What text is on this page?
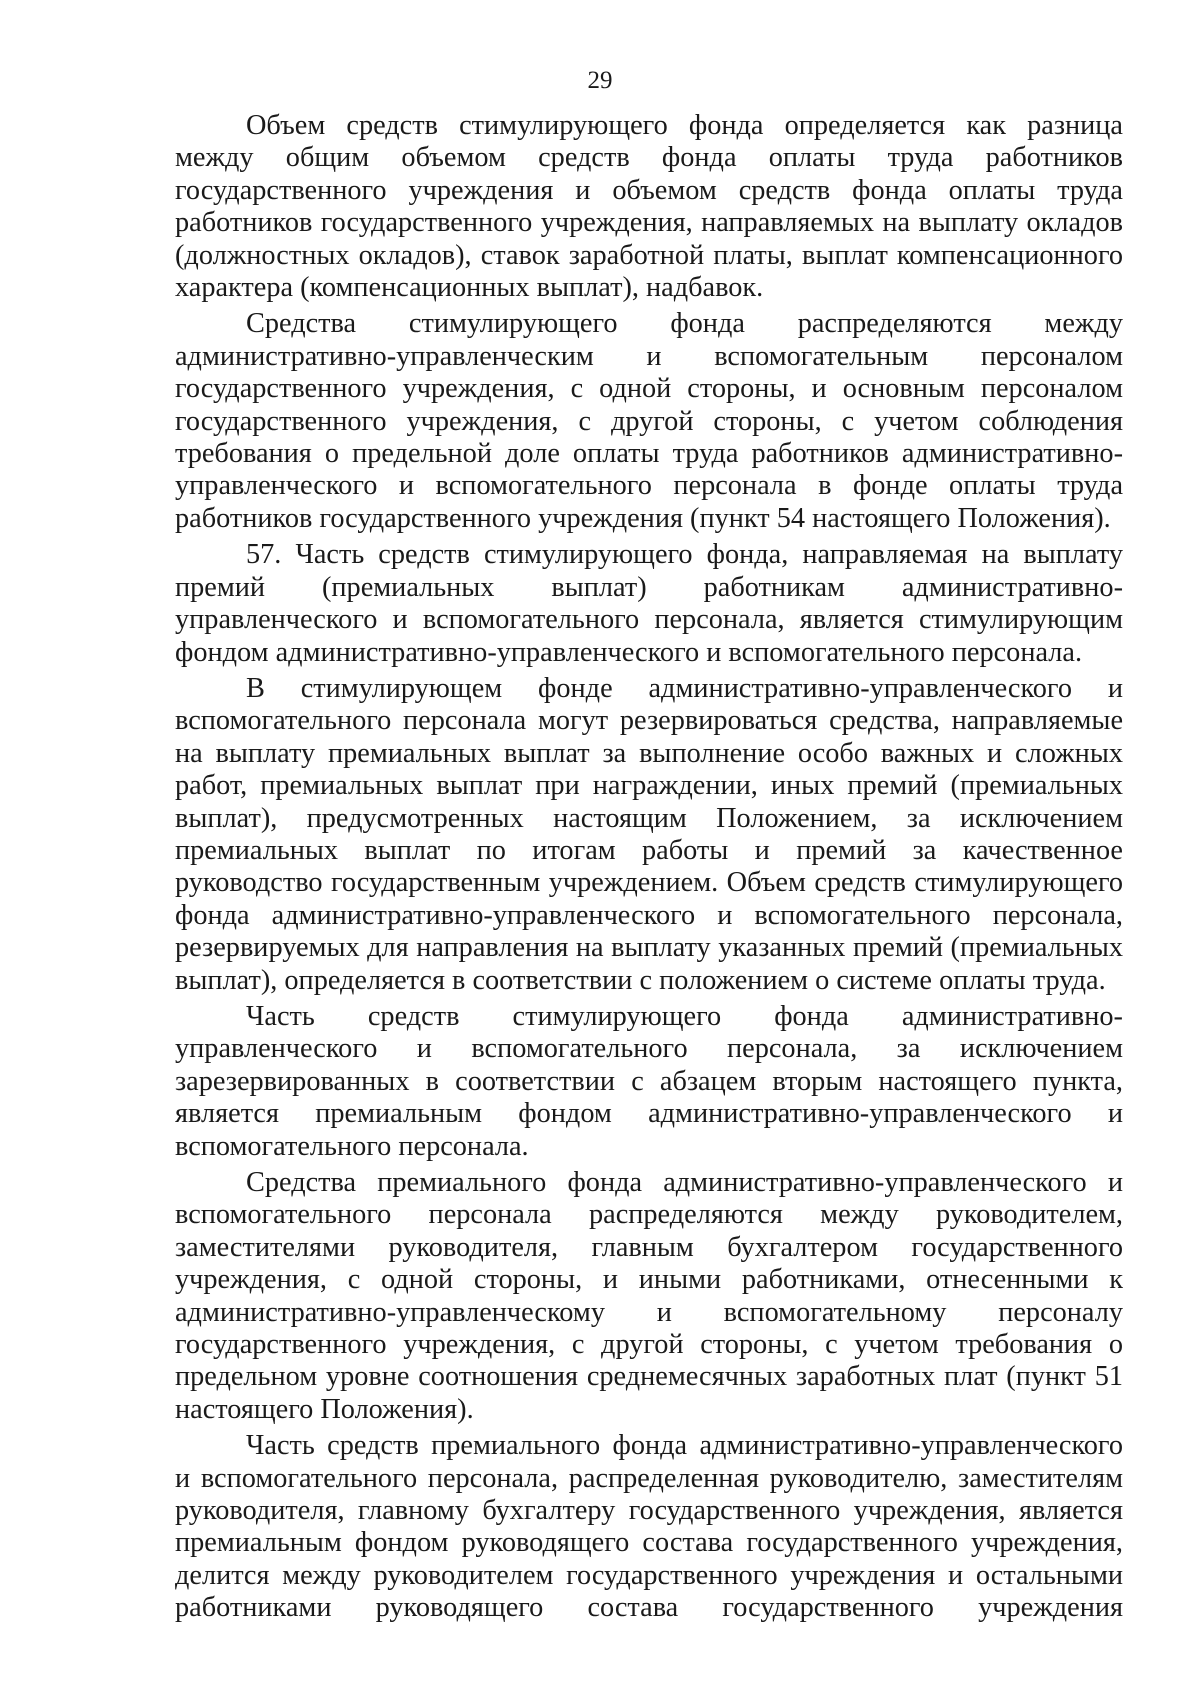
29

Объем средств стимулирующего фонда определяется как разница между общим объемом средств фонда оплаты труда работников государственного учреждения и объемом средств фонда оплаты труда работников государственного учреждения, направляемых на выплату окладов (должностных окладов), ставок заработной платы, выплат компенсационного характера (компенсационных выплат), надбавок.

Средства стимулирующего фонда распределяются между административно-управленческим и вспомогательным персоналом государственного учреждения, с одной стороны, и основным персоналом государственного учреждения, с другой стороны, с учетом соблюдения требования о предельной доле оплаты труда работников административно-управленческого и вспомогательного персонала в фонде оплаты труда работников государственного учреждения (пункт 54 настоящего Положения).

57. Часть средств стимулирующего фонда, направляемая на выплату премий (премиальных выплат) работникам административно-управленческого и вспомогательного персонала, является стимулирующим фондом административно-управленческого и вспомогательного персонала.

В стимулирующем фонде административно-управленческого и вспомогательного персонала могут резервироваться средства, направляемые на выплату премиальных выплат за выполнение особо важных и сложных работ, премиальных выплат при награждении, иных премий (премиальных выплат), предусмотренных настоящим Положением, за исключением премиальных выплат по итогам работы и премий за качественное руководство государственным учреждением. Объем средств стимулирующего фонда административно-управленческого и вспомогательного персонала, резервируемых для направления на выплату указанных премий (премиальных выплат), определяется в соответствии с положением о системе оплаты труда.

Часть средств стимулирующего фонда административно-управленческого и вспомогательного персонала, за исключением зарезервированных в соответствии с абзацем вторым настоящего пункта, является премиальным фондом административно-управленческого и вспомогательного персонала.

Средства премиального фонда административно-управленческого и вспомогательного персонала распределяются между руководителем, заместителями руководителя, главным бухгалтером государственного учреждения, с одной стороны, и иными работниками, отнесенными к административно-управленческому и вспомогательному персоналу государственного учреждения, с другой стороны, с учетом требования о предельном уровне соотношения среднемесячных заработных плат (пункт 51 настоящего Положения).

Часть средств премиального фонда административно-управленческого и вспомогательного персонала, распределенная руководителю, заместителям руководителя, главному бухгалтеру государственного учреждения, является премиальным фондом руководящего состава государственного учреждения, делится между руководителем государственного учреждения и остальными работниками руководящего состава государственного учреждения
